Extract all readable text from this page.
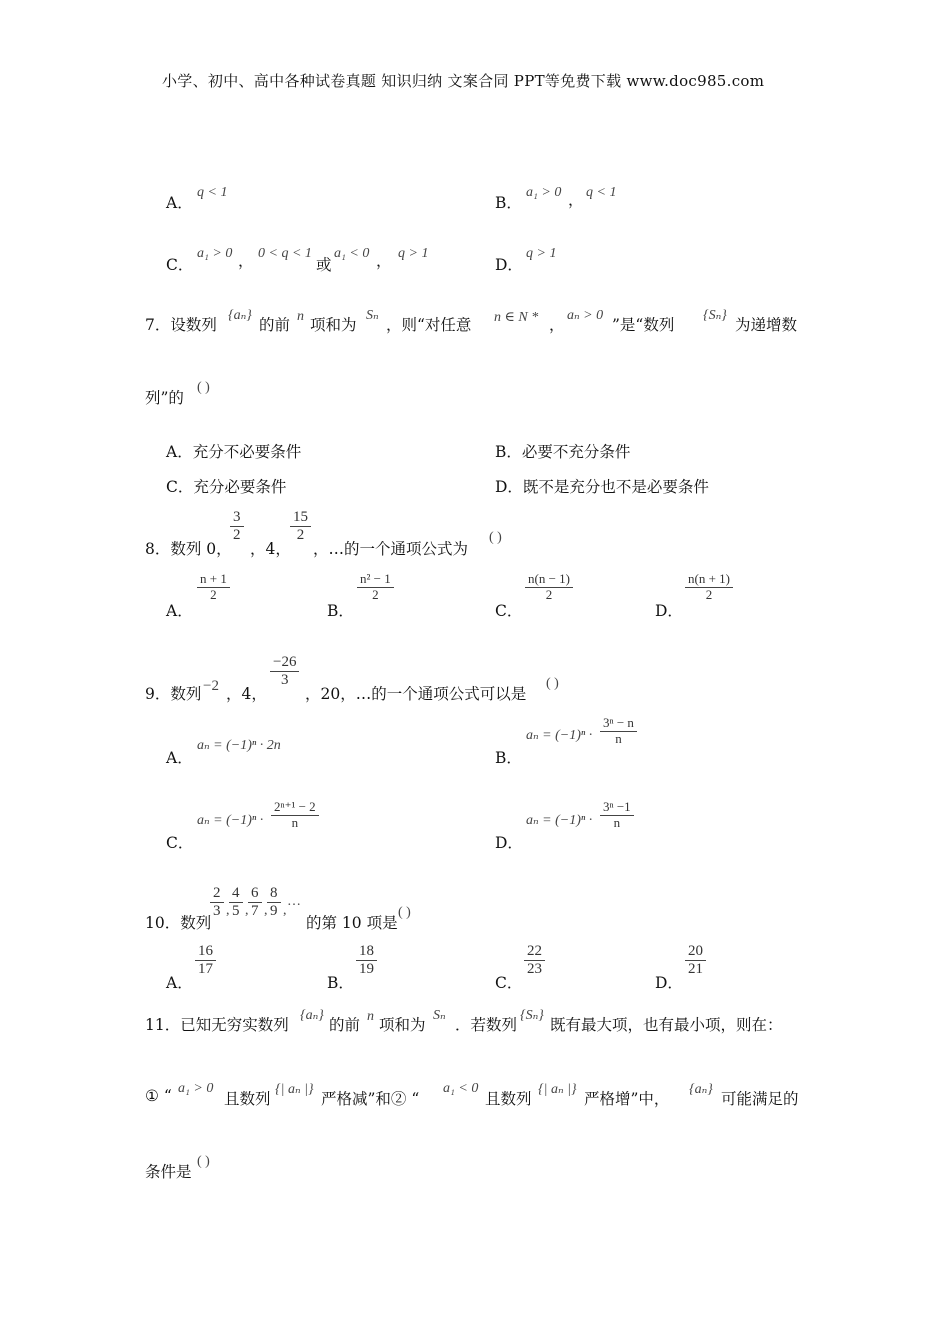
小学、初中、高中各种试卷真题 知识归纳 文案合同 PPT等免费下载 www.doc985.com
A．
q < 1
B．
a₁ > 0 ， q < 1
C．
a₁ > 0 ， 0 < q < 1
或
a₁ < 0 ， q > 1
D．
q > 1
7．设数列
{aₙ}
的前 n 项和为
Sₙ
，则“对任意 n ∈ N * ，
aₙ > 0
”是“数列
{Sₙ}
为递增数
列”的
( )
A．充分不必要条件	B．必要不充分条件
C．充分必要条件	D．既不是充分也不是必要条件
8．数列 0，
3
2
，4，
15
2
，…的一个通项公式为
( )
A．
n + 1
2
B．
n² − 1
2
C．
n(n − 1)
2
D．
n(n + 1)
2
9．数列 −2 ，4，
−26
3
，20，…的一个通项公式可以是
( )
A．
aₙ = (−1)ⁿ · 2n
B．
aₙ = (−1)ⁿ ·
3ⁿ − n
n
C．
aₙ = (−1)ⁿ ·
2ⁿ⁺¹ − 2
n
D．
aₙ = (−1)ⁿ ·
3ⁿ −1
n
10．数列
2
3 ,
4
5 ,
6
7 ,
8
9 ,
…
的第 10 项是
( )
A．
16
17
B．
18
19
C．
22
23
D．
20
21
11．已知无穷实数列
{aₙ}
的前 n 项和为
Sₙ
．若数列
{Sₙ}
既有最大项，也有最小项，则在：
① “ a₁ > 0
且数列
{| aₙ |}
严格减”和② “
a₁ < 0
且数列
{| aₙ |}
严格增”中，
{aₙ}
可能满足的
条件是
( )
